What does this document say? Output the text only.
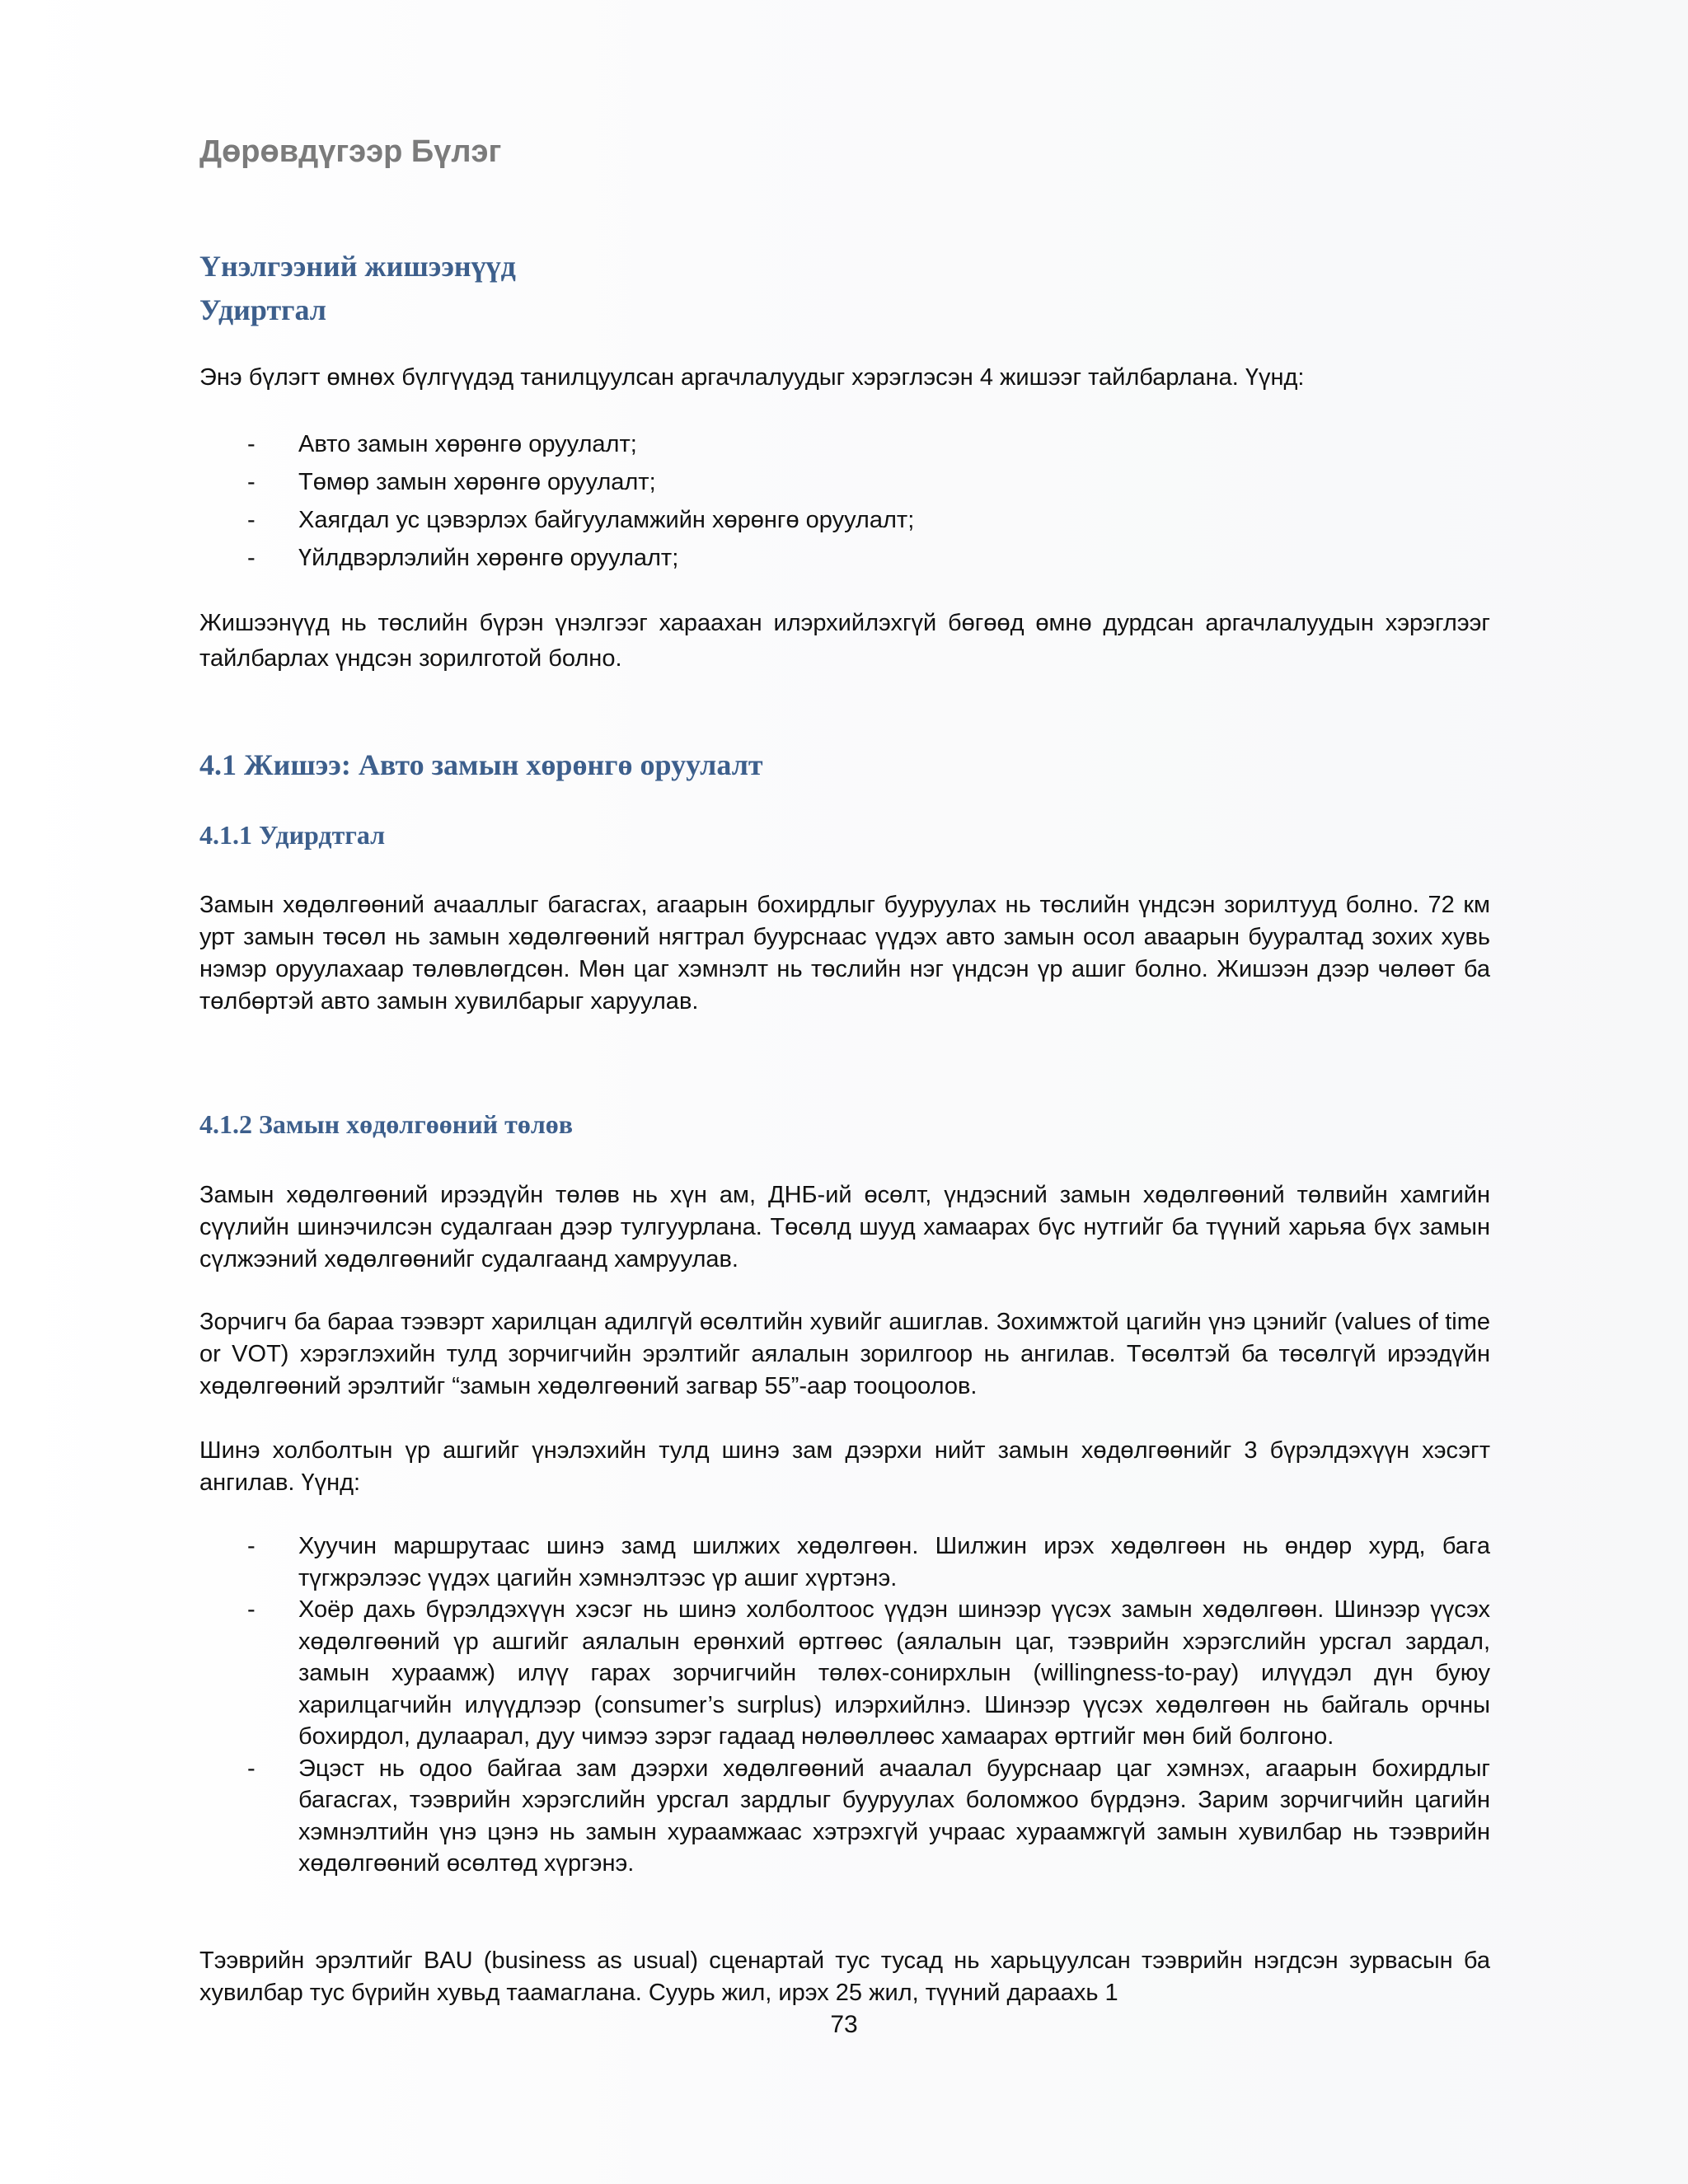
Дөрөвдүгээр Бүлэг
Үнэлгээний жишээнүүд
Удиртгал

Энэ бүлэгт өмнөх бүлгүүдэд танилцуулсан аргачлалуудыг хэрэглэсэн 4 жишээг тайлбарлана. Үүнд:

- Авто замын хөрөнгө оруулалт;
- Төмөр замын хөрөнгө оруулалт;
- Хаягдал ус цэвэрлэх байгууламжийн хөрөнгө оруулалт;
- Үйлдвэрлэлийн хөрөнгө оруулалт;

Жишээнүүд нь төслийн бүрэн үнэлгээг хараахан илэрхийлэхгүй бөгөөд өмнө дурдсан аргачлалуудын хэрэглээг тайлбарлах үндсэн зорилготой болно.

4.1 Жишээ: Авто замын хөрөнгө оруулалт
4.1.1 Удирдтгал

Замын хөдөлгөөний ачааллыг багасгах, агаарын бохирдлыг бууруулах нь төслийн үндсэн зорилтууд болно. 72 км урт замын төсөл нь замын хөдөлгөөний нягтрал буурснаас үүдэх авто замын осол аваарын бууралтад зохих хувь нэмэр оруулахаар төлөвлөгдсөн. Мөн цаг хэмнэлт нь төслийн нэг үндсэн үр ашиг болно. Жишээн дээр чөлөөт ба төлбөртэй авто замын хувилбарыг харуулав.

4.1.2 Замын хөдөлгөөний төлөв

Замын хөдөлгөөний ирээдүйн төлөв нь хүн ам, ДНБ-ий өсөлт, үндэсний замын хөдөлгөөний төлвийн хамгийн сүүлийн шинэчилсэн судалгаан дээр тулгуурлана. Төсөлд шууд хамаарах бүс нутгийг ба түүний харьяа бүх замын сүлжээний хөдөлгөөнийг судалгаанд хамруулав.

Зорчигч ба бараа тээвэрт харилцан адилгүй өсөлтийн хувийг ашиглав. Зохимжтой цагийн үнэ цэнийг (values of time or VOT) хэрэглэхийн тулд зорчигчийн эрэлтийг аялалын зорилгоор нь ангилав. Төсөлтэй ба төсөлгүй ирээдүйн хөдөлгөөний эрэлтийг “замын хөдөлгөөний загвар 55”-аар тооцоолов.

Шинэ холболтын үр ашгийг үнэлэхийн тулд шинэ зам дээрхи нийт замын хөдөлгөөнийг 3 бүрэлдэхүүн хэсэгт ангилав. Үүнд:

- Хуучин маршрутаас шинэ замд шилжих хөдөлгөөн. Шилжин ирэх хөдөлгөөн нь өндөр хурд, бага түгжрэлээс үүдэх цагийн хэмнэлтээс үр ашиг хүртэнэ.
- Хоёр дахь бүрэлдэхүүн хэсэг нь шинэ холболтоос үүдэн шинээр үүсэх замын хөдөлгөөн. Шинээр үүсэх хөдөлгөөний үр ашгийг аялалын ерөнхий өртгөөс (аялалын цаг, тээврийн хэрэгслийн урсгал зардал, замын хураамж) илүү гарах зорчигчийн төлөх-сонирхлын (willingness-to-pay) илүүдэл дүн буюу харилцагчийн илүүдлээр (consumer’s surplus) илэрхийлнэ. Шинээр үүсэх хөдөлгөөн нь байгаль орчны бохирдол, дулаарал, дуу чимээ зэрэг гадаад нөлөөллөөс хамаарах өртгийг мөн бий болгоно.
- Эцэст нь одоо байгаа зам дээрхи хөдөлгөөний ачаалал буурснаар цаг хэмнэх, агаарын бохирдлыг багасгах, тээврийн хэрэгслийн урсгал зардлыг бууруулах боломжоо бүрдэнэ. Зарим зорчигчийн цагийн хэмнэлтийн үнэ цэнэ нь замын хураамжаас хэтрэхгүй учраас хураамжгүй замын хувилбар нь тээврийн хөдөлгөөний өсөлтөд хүргэнэ.

Тээврийн эрэлтийг BAU (business as usual) сценартай тус тусад нь харьцуулсан тээврийн нэгдсэн зурвасын ба хувилбар тус бүрийн хувьд таамаглана. Суурь жил, ирэх 25 жил, түүний дараахь 1

73
